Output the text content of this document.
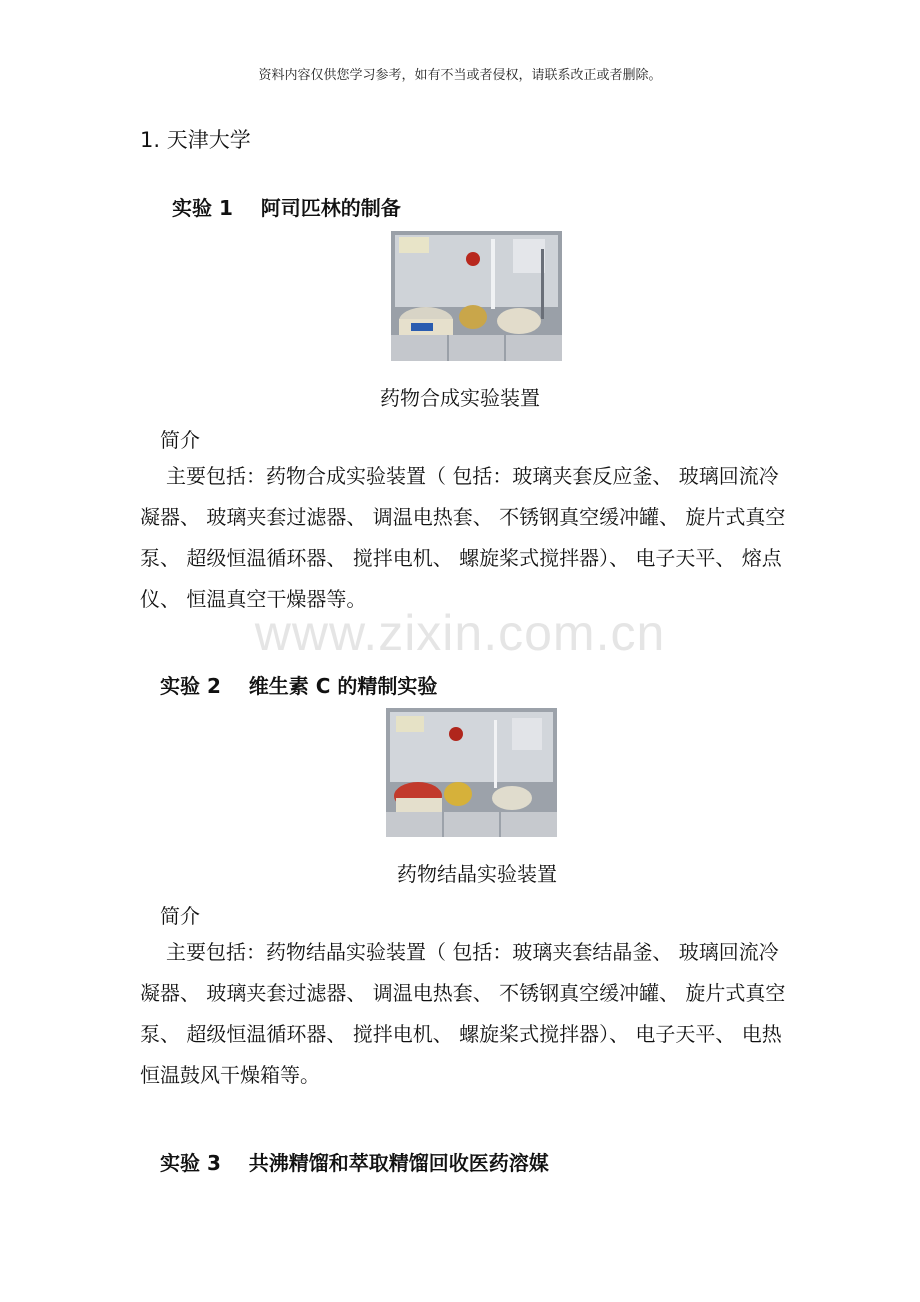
资料内容仅供您学习参考，如有不当或者侵权，请联系改正或者删除。
1. 天津大学
实验 1    阿司匹林的制备
药物合成实验装置
简介
主要包括：药物合成实验装置（ 包括：玻璃夹套反应釜、 玻璃回流冷凝器、 玻璃夹套过滤器、 调温电热套、 不锈钢真空缓冲罐、 旋片式真空泵、 超级恒温循环器、 搅拌电机、 螺旋桨式搅拌器）、 电子天平、 熔点仪、 恒温真空干燥器等。
www.zixin.com.cn
实验 2    维生素 C 的精制实验
药物结晶实验装置
简介
主要包括：药物结晶实验装置（ 包括：玻璃夹套结晶釜、 玻璃回流冷凝器、 玻璃夹套过滤器、 调温电热套、 不锈钢真空缓冲罐、 旋片式真空泵、 超级恒温循环器、 搅拌电机、 螺旋桨式搅拌器）、 电子天平、 电热恒温鼓风干燥箱等。
实验 3    共沸精馏和萃取精馏回收医药溶媒
